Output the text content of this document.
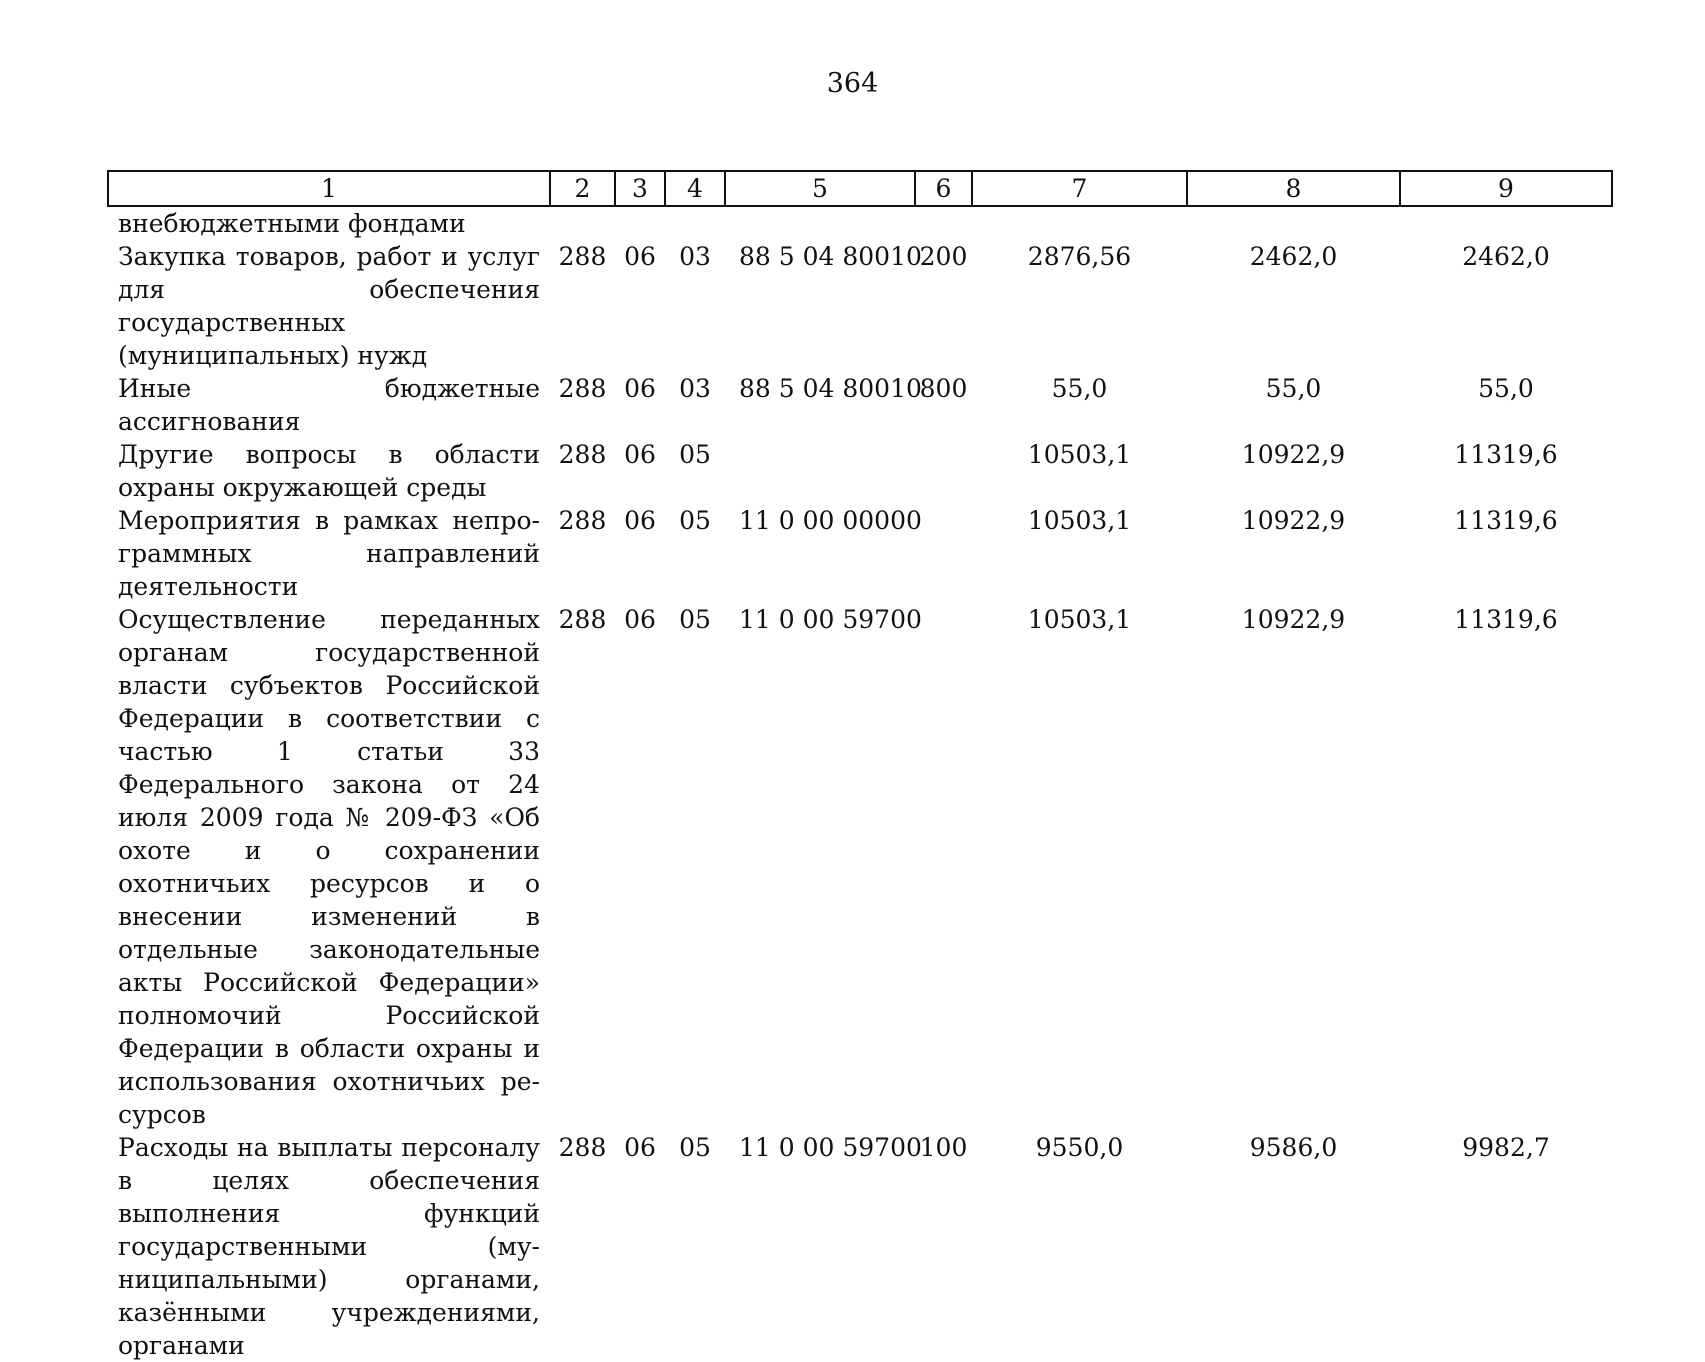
364
1	2	3	4	5	6	7	8	9
внебюджетными фондами								
Закупка товаров, работ и услуг для обеспечения государственных (муниципальных) нужд	288	06	03	88 5 04 80010	200	2876,56	2462,0	2462,0
Иные бюджетные ассигнования	288	06	03	88 5 04 80010	800	55,0	55,0	55,0
Другие вопросы в области охраны окружающей среды	288	06	05			10503,1	10922,9	11319,6
Мероприятия в рамках непрограммных направлений деятельности	288	06	05	11 0 00 00000		10503,1	10922,9	11319,6
Осуществление переданных органам государственной власти субъектов Российской Федерации в соответствии с частью 1 статьи 33 Федерального закона от 24 июля 2009 года № 209-ФЗ «Об охоте и о сохранении охотничьих ресурсов и о внесении изменений в отдельные законодательные акты Российской Федерации» полномочий Российской Федерации в области охраны и использования охотничьих ресурсов	288	06	05	11 0 00 59700		10503,1	10922,9	11319,6
Расходы на выплаты персоналу в целях обеспечения выполнения функций государственными (муниципальными) органами, казёнными учреждениями, органами	288	06	05	11 0 00 59700	100	9550,0	9586,0	9982,7
